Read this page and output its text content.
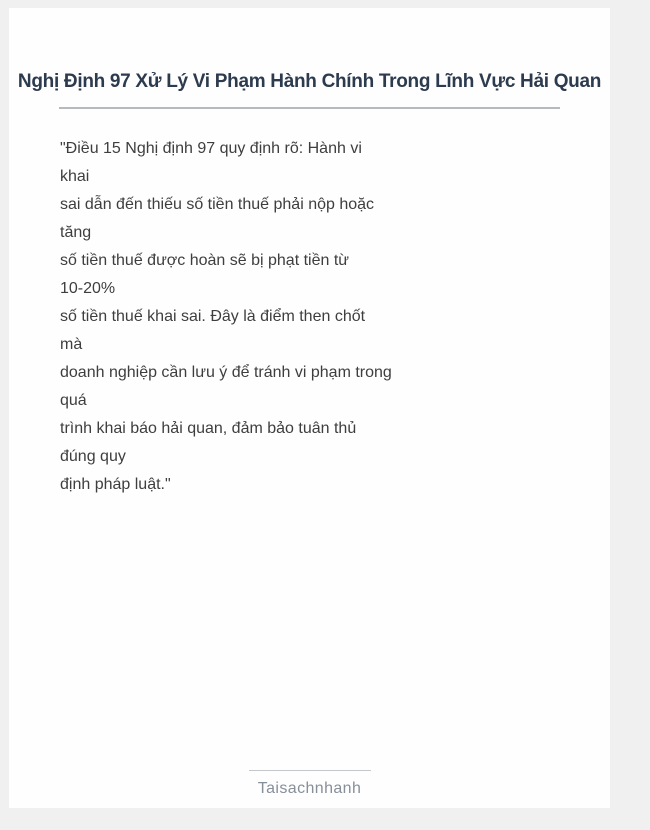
Nghị Định 97 Xử Lý Vi Phạm Hành Chính Trong Lĩnh Vực Hải Quan
"Điều 15 Nghị định 97 quy định rõ: Hành vi
khai
sai dẫn đến thiếu số tiền thuế phải nộp hoặc
tăng
số tiền thuế được hoàn sẽ bị phạt tiền từ
10-20%
số tiền thuế khai sai. Đây là điểm then chốt
mà
doanh nghiệp cần lưu ý để tránh vi phạm trong
quá
trình khai báo hải quan, đảm bảo tuân thủ
đúng quy
định pháp luật."
Taisachnhanh
